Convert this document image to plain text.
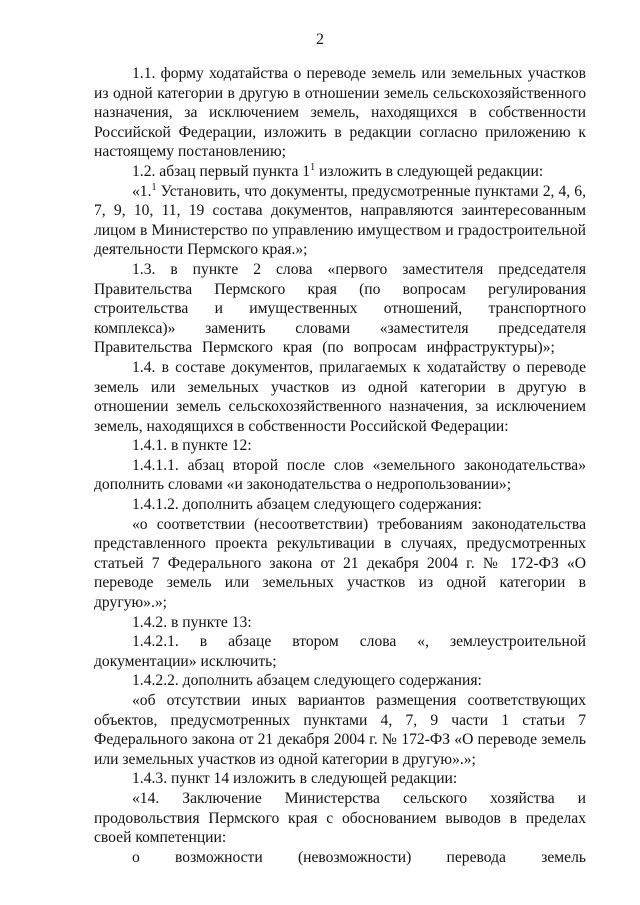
2

1.1. форму ходатайства о переводе земель или земельных участков из одной категории в другую в отношении земель сельскохозяйственного назначения, за исключением земель, находящихся в собственности Российской Федерации, изложить в редакции согласно приложению к настоящему постановлению;

1.2. абзац первый пункта $1^1$ изложить в следующей редакции:

«1.$^1$ Установить, что документы, предусмотренные пунктами 2, 4, 6, 7, 9, 10, 11, 19 состава документов, направляются заинтересованным лицом в Министерство по управлению имуществом и градостроительной деятельности Пермского края.»;

1.3. в пункте 2 слова «первого заместителя председателя Правительства Пермского края (по вопросам регулирования строительства и имущественных отношений, транспортного комплекса)» заменить словами «заместителя председателя Правительства Пермского края (по вопросам инфраструктуры)»;

1.4. в составе документов, прилагаемых к ходатайству о переводе земель или земельных участков из одной категории в другую в отношении земель сельскохозяйственного назначения, за исключением земель, находящихся в собственности Российской Федерации:

1.4.1. в пункте 12:

1.4.1.1. абзац второй после слов «земельного законодательства» дополнить словами «и законодательства о недропользовании»;

1.4.1.2. дополнить абзацем следующего содержания:

«о соответствии (несоответствии) требованиям законодательства представленного проекта рекультивации в случаях, предусмотренных статьей 7 Федерального закона от 21 декабря 2004 г. № 172-ФЗ «О переводе земель или земельных участков из одной категории в другую».»;

1.4.2. в пункте 13:

1.4.2.1. в абзаце втором слова «, землеустроительной документации» исключить;

1.4.2.2. дополнить абзацем следующего содержания:

«об отсутствии иных вариантов размещения соответствующих объектов, предусмотренных пунктами 4, 7, 9 части 1 статьи 7 Федерального закона от 21 декабря 2004 г. № 172-ФЗ «О переводе земель или земельных участков из одной категории в другую».»;

1.4.3. пункт 14 изложить в следующей редакции:

«14. Заключение Министерства сельского хозяйства и продовольствия Пермского края с обоснованием выводов в пределах своей компетенции:

о возможности (невозможности) перевода земель
